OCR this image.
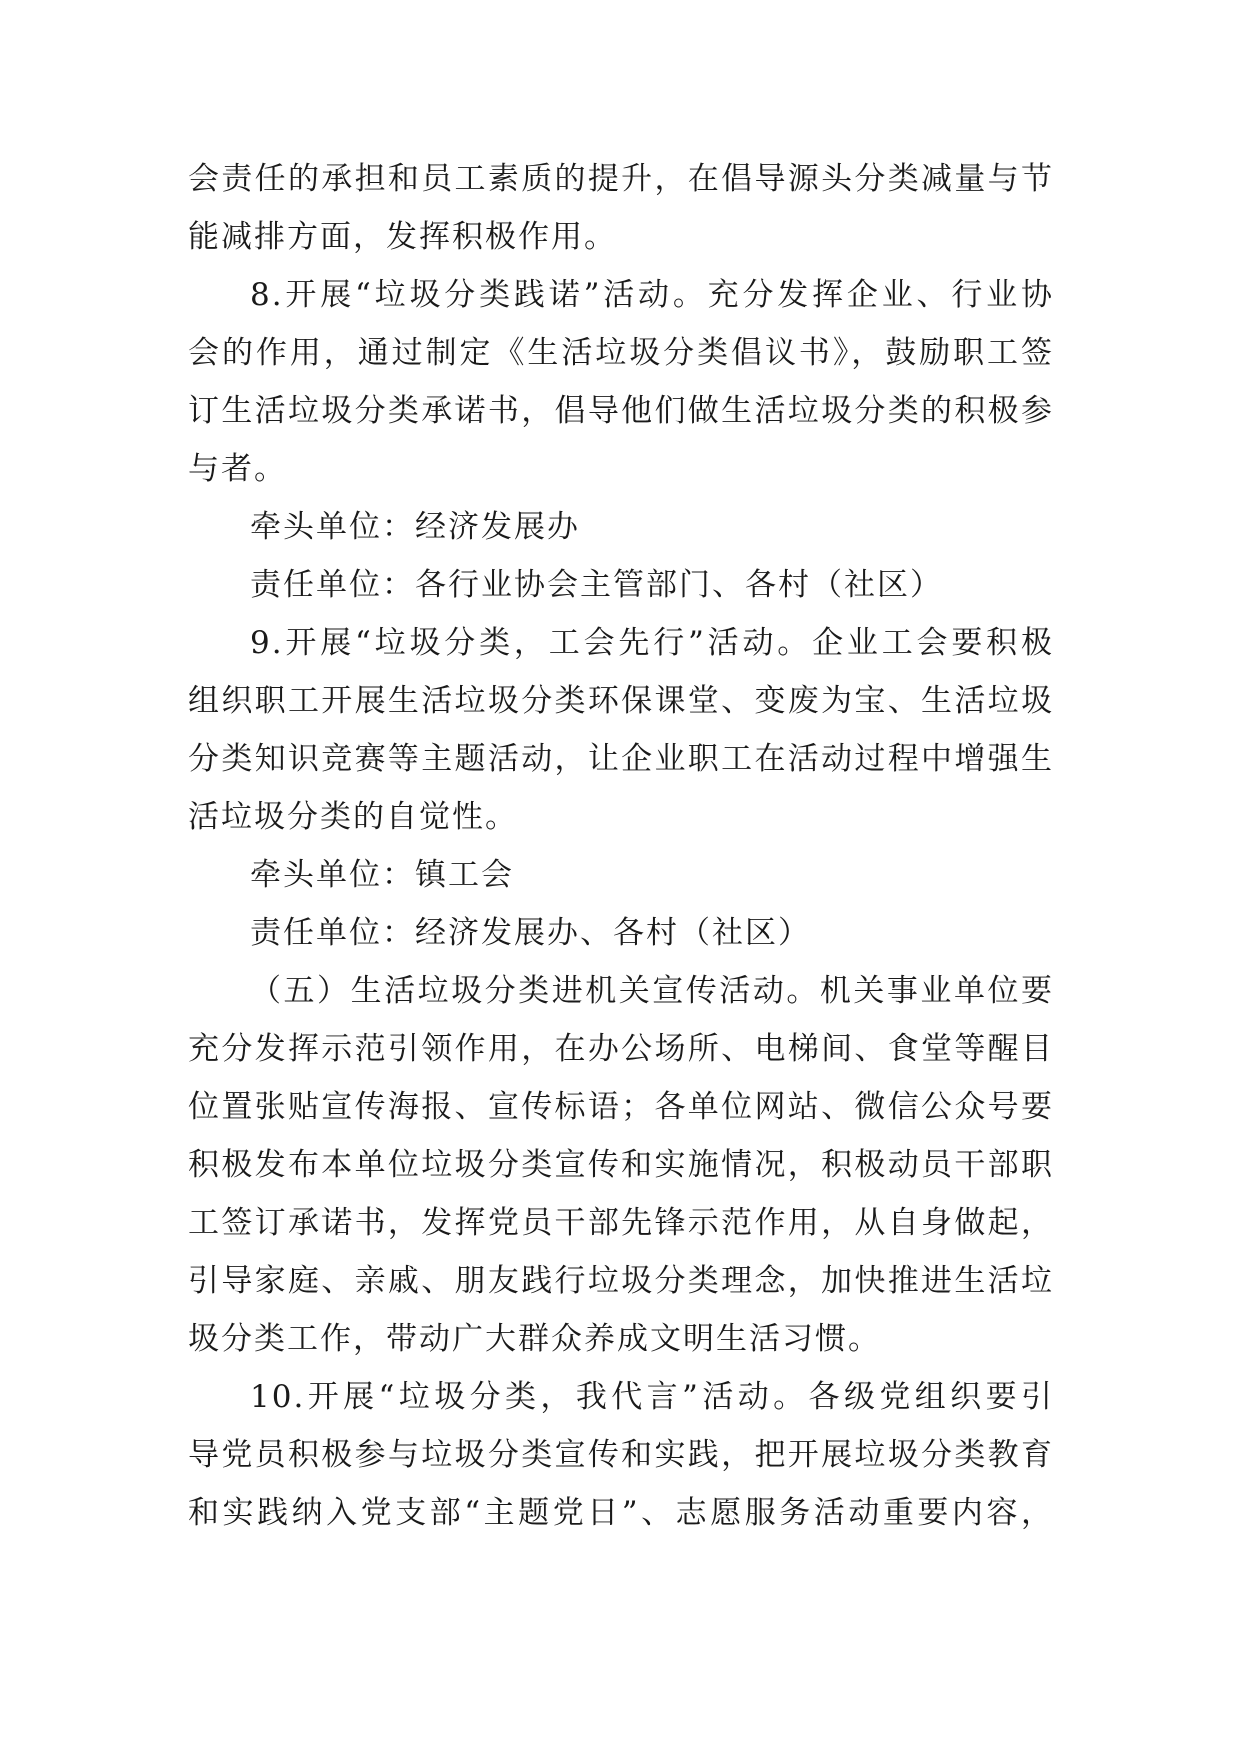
会责任的承担和员工素质的提升，在倡导源头分类减量与节
能减排方面，发挥积极作用。
8.开展“垃圾分类践诺”活动。充分发挥企业、行业协
会的作用，通过制定《生活垃圾分类倡议书》，鼓励职工签
订生活垃圾分类承诺书，倡导他们做生活垃圾分类的积极参
与者。
牵头单位：经济发展办
责任单位：各行业协会主管部门、各村（社区）
9.开展“垃圾分类，工会先行”活动。企业工会要积极
组织职工开展生活垃圾分类环保课堂、变废为宝、生活垃圾
分类知识竞赛等主题活动，让企业职工在活动过程中增强生
活垃圾分类的自觉性。
牵头单位：镇工会
责任单位：经济发展办、各村（社区）
（五）生活垃圾分类进机关宣传活动。机关事业单位要
充分发挥示范引领作用，在办公场所、电梯间、食堂等醒目
位置张贴宣传海报、宣传标语；各单位网站、微信公众号要
积极发布本单位垃圾分类宣传和实施情况，积极动员干部职
工签订承诺书，发挥党员干部先锋示范作用，从自身做起，
引导家庭、亲戚、朋友践行垃圾分类理念，加快推进生活垃
圾分类工作，带动广大群众养成文明生活习惯。
10.开展“垃圾分类，我代言”活动。各级党组织要引
导党员积极参与垃圾分类宣传和实践，把开展垃圾分类教育
和实践纳入党支部“主题党日”、志愿服务活动重要内容，
